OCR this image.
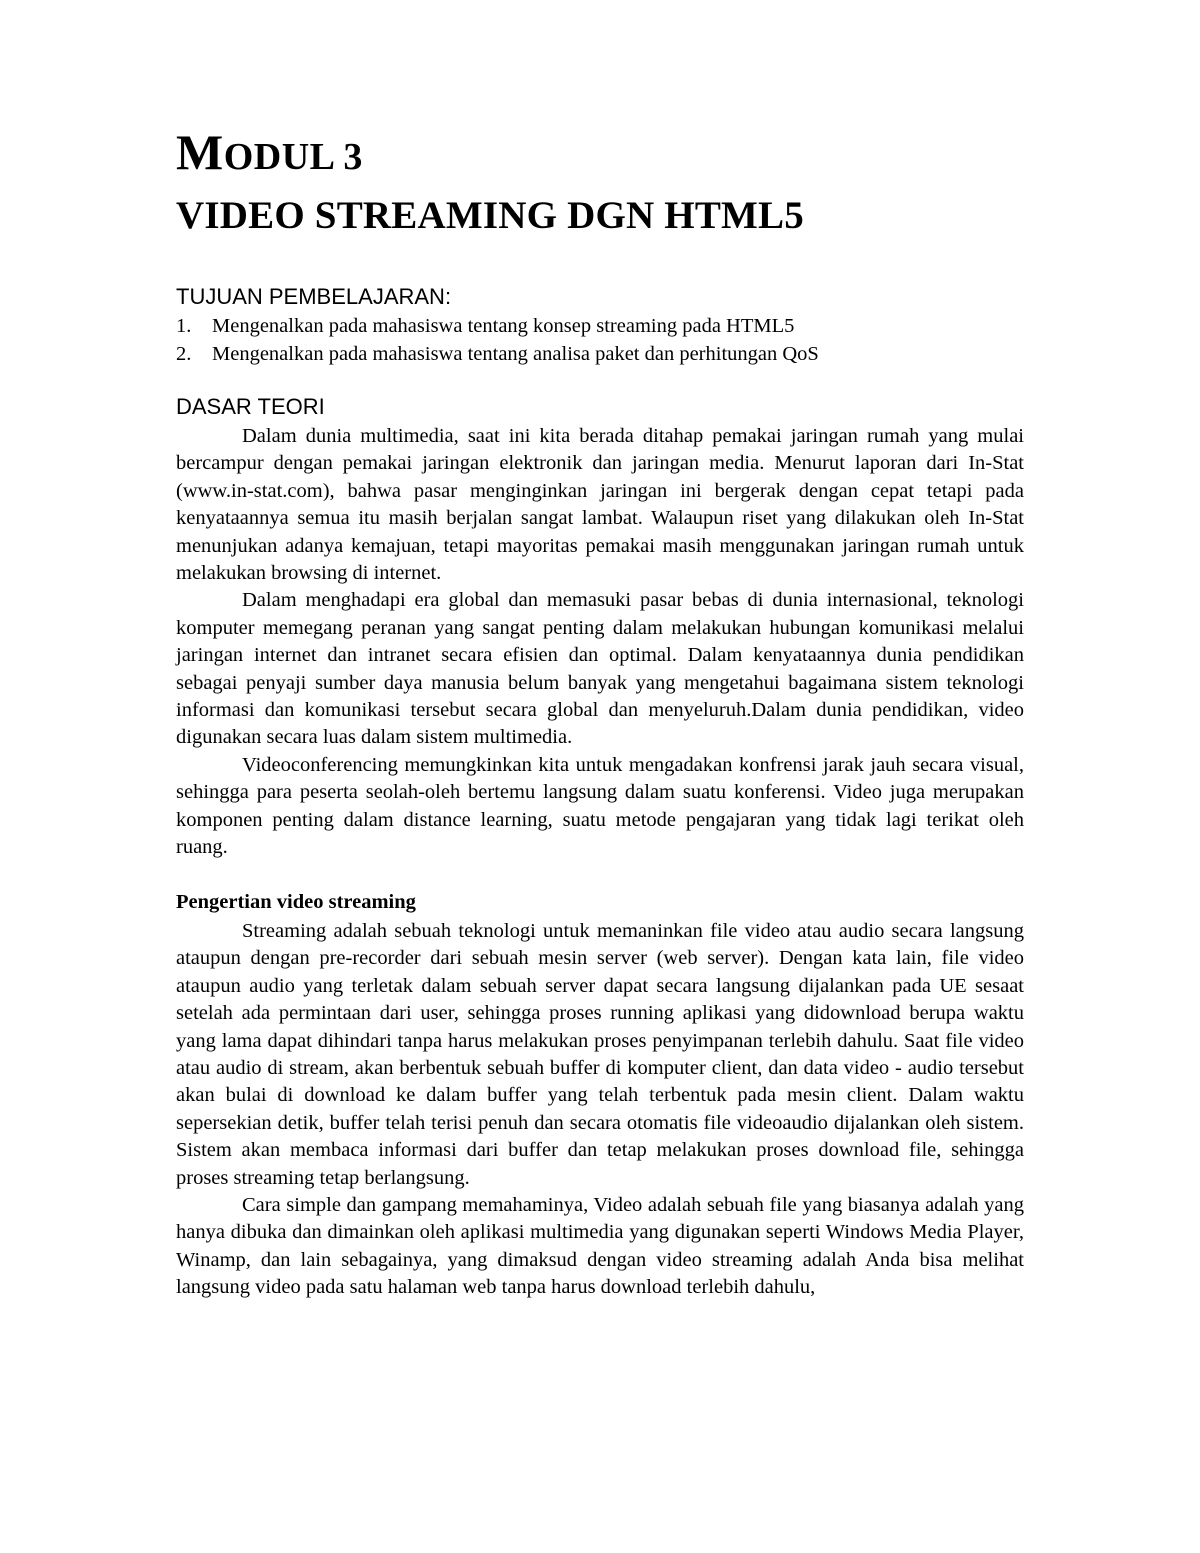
MODUL 3
VIDEO STREAMING DGN HTML5
TUJUAN PEMBELAJARAN:
1.	Mengenalkan pada mahasiswa tentang konsep streaming pada HTML5
2.	Mengenalkan pada mahasiswa tentang analisa paket dan perhitungan QoS
DASAR TEORI

Dalam dunia multimedia, saat ini kita berada ditahap pemakai jaringan rumah yang mulai bercampur dengan pemakai jaringan elektronik dan jaringan media. Menurut laporan dari In-Stat (www.in-stat.com), bahwa pasar menginginkan jaringan ini bergerak dengan cepat tetapi pada kenyataannya semua itu masih berjalan sangat lambat. Walaupun riset yang dilakukan oleh In-Stat menunjukan adanya kemajuan, tetapi mayoritas pemakai masih menggunakan jaringan rumah untuk melakukan browsing di internet.

Dalam menghadapi era global dan memasuki pasar bebas di dunia internasional, teknologi komputer memegang peranan yang sangat penting dalam melakukan hubungan komunikasi melalui jaringan internet dan intranet secara efisien dan optimal. Dalam kenyataannya dunia pendidikan sebagai penyaji sumber daya manusia belum banyak yang mengetahui bagaimana sistem teknologi informasi dan komunikasi tersebut secara global dan menyeluruh.Dalam dunia pendidikan, video digunakan secara luas dalam sistem multimedia.

Videoconferencing memungkinkan kita untuk mengadakan konfrensi jarak jauh secara visual, sehingga para peserta seolah-oleh bertemu langsung dalam suatu konferensi. Video juga merupakan komponen penting dalam distance learning, suatu metode pengajaran yang tidak lagi terikat oleh ruang.

Pengertian video streaming

Streaming adalah sebuah teknologi untuk memaninkan file video atau audio secara langsung ataupun dengan pre-recorder dari sebuah mesin server (web server). Dengan kata lain, file video ataupun audio yang terletak dalam sebuah server dapat secara langsung dijalankan pada UE sesaat setelah ada permintaan dari user, sehingga proses running aplikasi yang didownload berupa waktu yang lama dapat dihindari tanpa harus melakukan proses penyimpanan terlebih dahulu. Saat file video atau audio di stream, akan berbentuk sebuah buffer di komputer client, dan data video - audio tersebut akan bulai di download ke dalam buffer yang telah terbentuk pada mesin client. Dalam waktu sepersekian detik, buffer telah terisi penuh dan secara otomatis file videoaudio dijalankan oleh sistem. Sistem akan membaca informasi dari buffer dan tetap melakukan proses download file, sehingga proses streaming tetap berlangsung.

Cara simple dan gampang memahaminya, Video adalah sebuah file yang biasanya adalah yang hanya dibuka dan dimainkan oleh aplikasi multimedia yang digunakan seperti Windows Media Player, Winamp, dan lain sebagainya, yang dimaksud dengan video streaming adalah Anda bisa melihat langsung video pada satu halaman web tanpa harus download terlebih dahulu,
